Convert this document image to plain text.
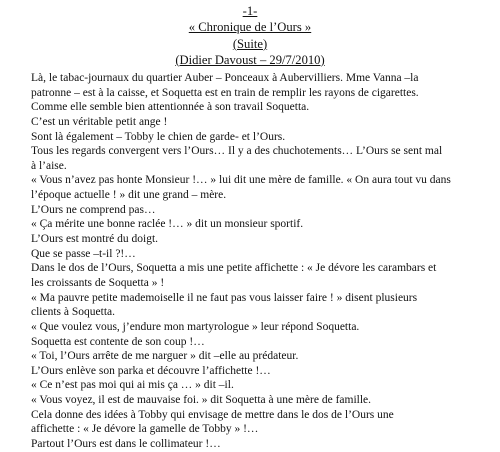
-1-
« Chronique de l’Ours »
(Suite)
(Didier Davoust – 29/7/2010)
Là, le tabac-journaux du quartier Auber – Ponceaux à Aubervilliers. Mme Vanna –la
patronne – est à la caisse, et Soquetta est en train de remplir les rayons de cigarettes.
Comme elle semble bien attentionnée à son travail Soquetta.
C’est un véritable petit ange !
Sont là également – Tobby le chien de garde- et l’Ours.
Tous les regards convergent vers l’Ours… Il y a des chuchotements… L’Ours se sent mal
à l’aise.
« Vous n’avez pas honte Monsieur !… » lui dit une mère de famille. « On aura tout vu dans
l’époque actuelle ! » dit une grand – mère.
L’Ours ne comprend pas…
« Ça mérite une bonne raclée !… » dit un monsieur sportif.
L’Ours est montré du doigt.
Que se passe –t-il ?!…
Dans le dos de l’Ours, Soquetta a mis une petite affichette : « Je dévore les carambars et
les croissants de Soquetta » !
« Ma pauvre petite mademoiselle il ne faut pas vous laisser faire ! » disent plusieurs
clients à Soquetta.
« Que voulez vous, j’endure mon martyrologue » leur répond Soquetta.
Soquetta est contente de son coup !…
« Toi, l’Ours arrête de me narguer » dit –elle au prédateur.
L’Ours enlève son parka et découvre l’affichette !…
« Ce n’est pas moi qui ai mis ça … » dit –il.
« Vous voyez, il est de mauvaise foi. » dit Soquetta à une mère de famille.
Cela donne des idées à Tobby qui envisage de mettre dans le dos de l’Ours une
affichette : « Je dévore la gamelle de Tobby » !…
Partout l’Ours est dans le collimateur !…
